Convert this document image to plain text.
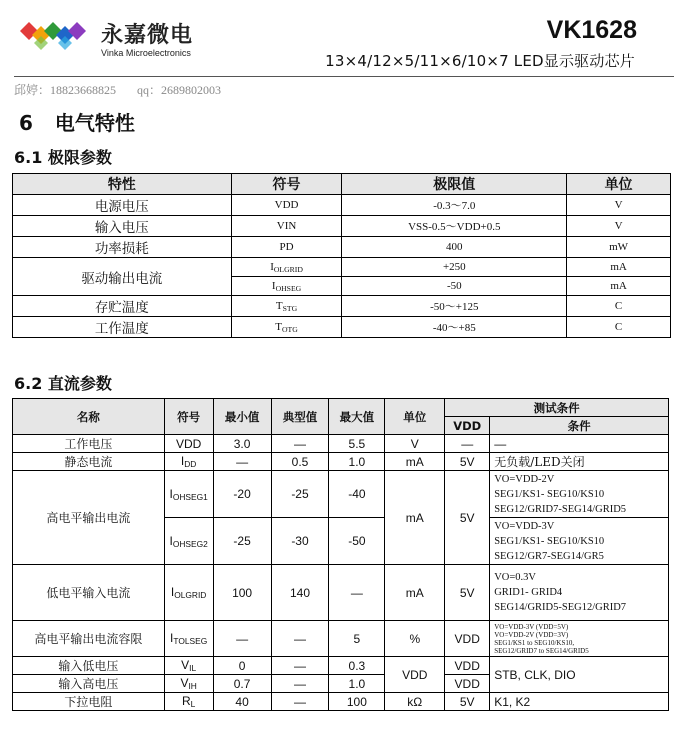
永嘉微电
Vinka Microelectronics
VK1628
13×4/12×5/11×6/10×7 LED显示驱动芯片
邱婷：18823668825 qq：2689802003
6 电气特性
6.1 极限参数
特性	符号	极限值	单位
电源电压	VDD	-0.3～7.0	V
输入电压	VIN	VSS-0.5～VDD+0.5	V
功率损耗	PD	400	mW
驱动输出电流	$I_{OLGRID}$	+250	mA
	$I_{OHSEG}$	-50	mA
存贮温度	$T_{STG}$	-50～+125	C
工作温度	$T_{OTG}$	-40～+85	C
6.2 直流参数
名称	符号	最小值	典型值	最大值	单位	测试条件	
						VDD	条件
工作电压	VDD	3.0	—	5.5	V	—	—
静态电流	$I_{DD}$	—	0.5	1.0	mA	5V	无负载/LED关闭
高电平输出电流	$I_{OHSEG1}$	-20	-25	-40	mA	5V	VO=VDD-2V
SEG1/KS1- SEG10/KS10
SEG12/GRID7-SEG14/GRID5

	$I_{OHSEG2}$	-25	-30	-50			VO=VDD-3V
SEG1/KS1- SEG10/KS10
SEG12/GR7-SEG14/GR5

低电平输入电流	$I_{OLGRID}$	100	140	—	mA	5V	VO=0.3V
GRID1- GRID4
SEG14/GRID5-SEG12/GRID7

高电平输出电流容限	$I_{TOLSEG}$	—	—	5	%	VDD	VO=VDD-3V (VDD=5V)
VO=VDD-2V (VDD=3V)
SEG1/KS1 to SEG10/KS10,
SEG12/GRID7 to SEG14/GRID5

输入低电压	$V_{IL}$	0	—	0.3	VDD	VDD	STB, CLK, DIO
输入高电压	$V_{IH}$	0.7	—	1.0		VDD	
下拉电阻	$R_L$	40	—	100	kΩ	5V	K1, K2
